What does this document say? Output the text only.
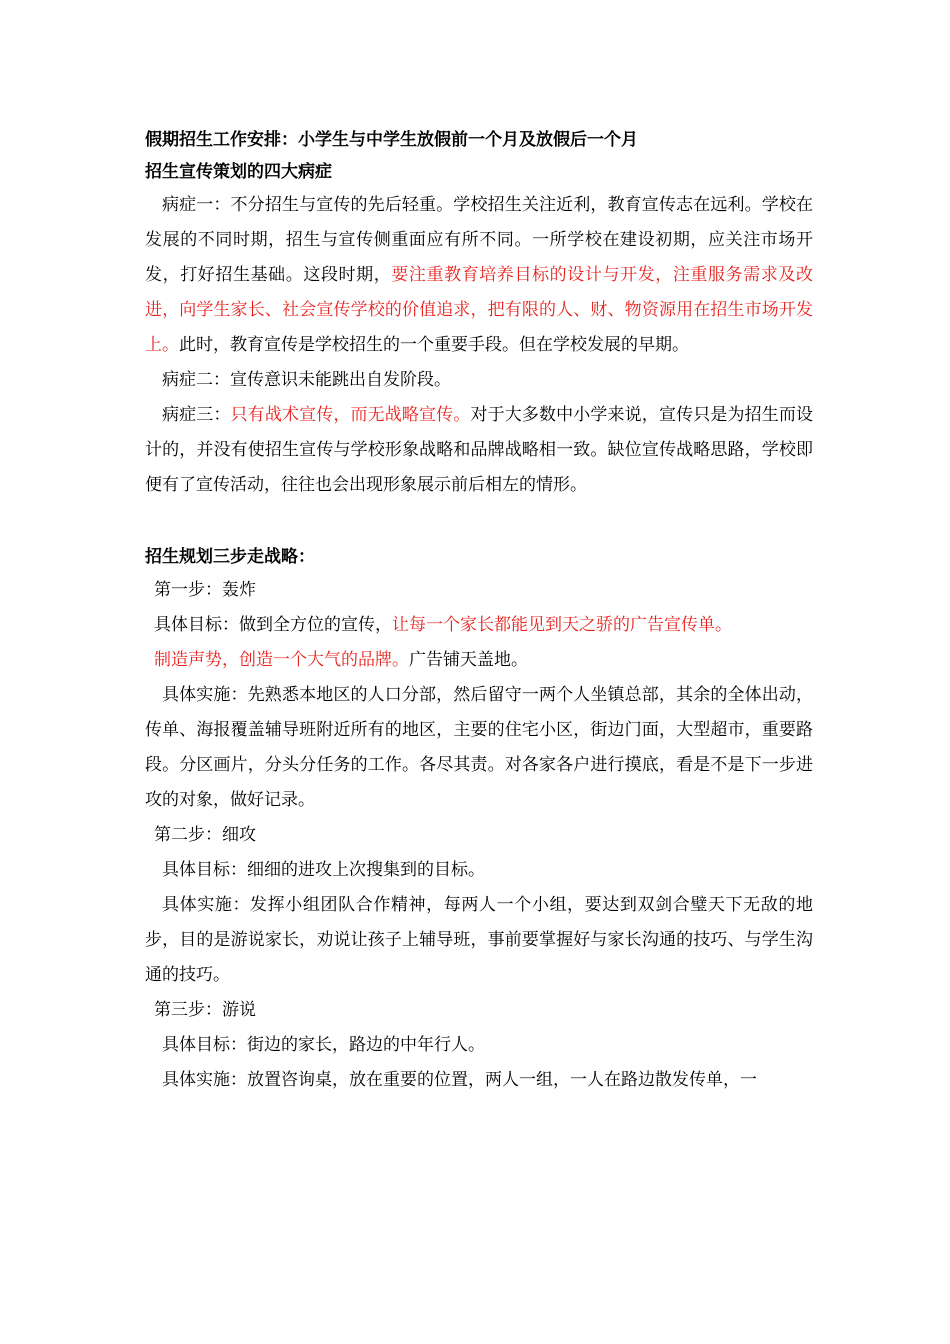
假期招生工作安排：小学生与中学生放假前一个月及放假后一个月
招生宣传策划的四大病症

病症一：不分招生与宣传的先后轻重。学校招生关注近利，教育宣传志在远利。学校在发展的不同时期，招生与宣传侧重面应有所不同。一所学校在建设初期，应关注市场开发，打好招生基础。这段时期，要注重教育培养目标的设计与开发，注重服务需求及改进，向学生家长、社会宣传学校的价值追求，把有限的人、财、物资源用在招生市场开发上。此时，教育宣传是学校招生的一个重要手段。但在学校发展的早期。

病症二：宣传意识未能跳出自发阶段。

病症三：只有战术宣传，而无战略宣传。对于大多数中小学来说，宣传只是为招生而设计的，并没有使招生宣传与学校形象战略和品牌战略相一致。缺位宣传战略思路，学校即便有了宣传活动，往往也会出现形象展示前后相左的情形。

招生规划三步走战略：
第一步：轰炸
具体目标：做到全方位的宣传，让每一个家长都能见到天之骄的广告宣传单。
制造声势，创造一个大气的品牌。广告铺天盖地。

具体实施：先熟悉本地区的人口分部，然后留守一两个人坐镇总部，其余的全体出动，传单、海报覆盖辅导班附近所有的地区，主要的住宅小区，街边门面，大型超市，重要路段。分区画片，分头分任务的工作。各尽其责。对各家各户进行摸底，看是不是下一步进攻的对象，做好记录。

第二步：细攻

具体目标：细细的进攻上次搜集到的目标。

具体实施：发挥小组团队合作精神，每两人一个小组，要达到双剑合璧天下无敌的地步，目的是游说家长，劝说让孩子上辅导班，事前要掌握好与家长沟通的技巧、与学生沟通的技巧。

第三步：游说

具体目标：街边的家长，路边的中年行人。

具体实施：放置咨询桌，放在重要的位置，两人一组，一人在路边散发传单，一
